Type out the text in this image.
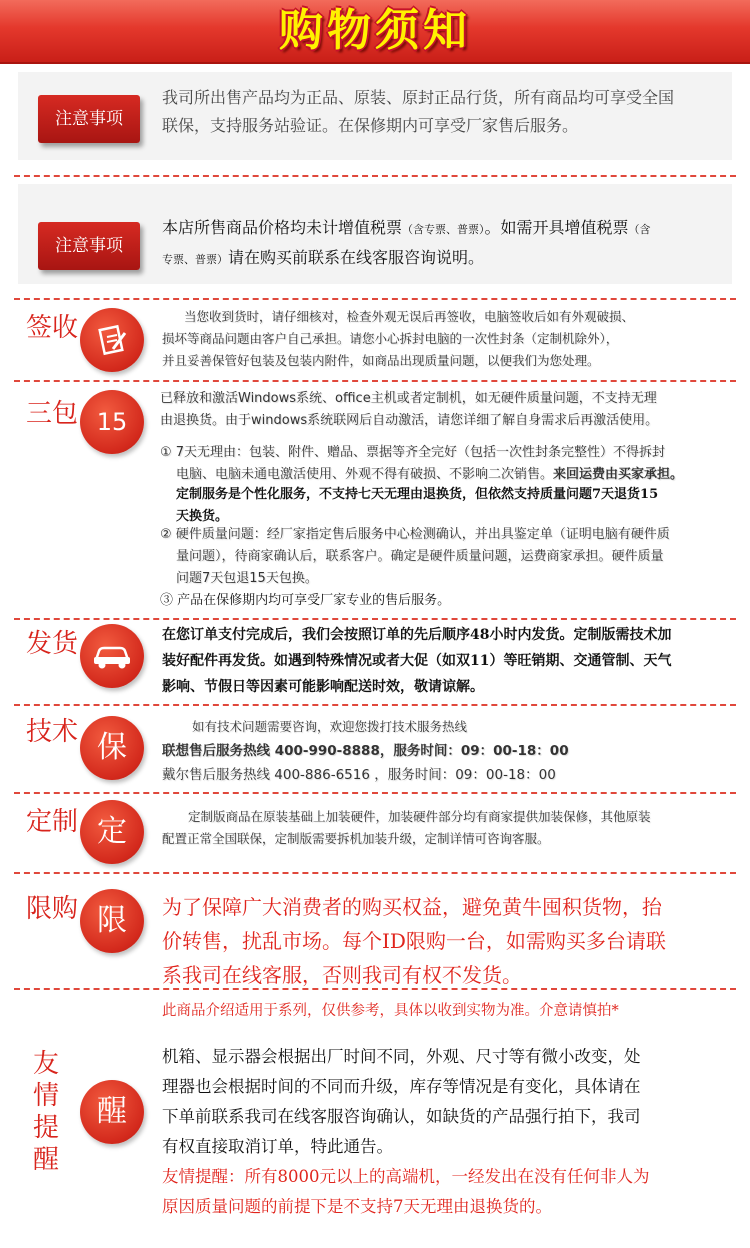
购物须知
注意事项
我司所出售产品均为正品、原装、原封正品行货，所有商品均可享受全国
联保，支持服务站验证。在保修期内可享受厂家售后服务。
注意事项
本店所售商品价格均未计增值税票（含专票、普票）。如需开具增值税票（含
专票、普票）请在购买前联系在线客服咨询说明。
签收	当您收到货时，请仔细核对，检查外观无误后再签收，电脑签收后如有外观破损、
损坏等商品问题由客户自己承担。请您小心拆封电脑的一次性封条（定制机除外），
并且妥善保管好包装及包装内附件，如商品出现质量问题，以便我们为您处理。
三包 15
已释放和激活Windows系统、office主机或者定制机，如无硬件质量问题，不支持无理
由退换货。由于windows系统联网后自动激活，请您详细了解自身需求后再激活使用。
① 7天无理由：包装、附件、赠品、票据等齐全完好（包括一次性封条完整性）不得拆封
电脑、电脑未通电激活使用、外观不得有破损、不影响二次销售。来回运费由买家承担。
定制服务是个性化服务，不支持七天无理由退换货，但依然支持质量问题7天退货15
天换货。
② 硬件质量问题：经厂家指定售后服务中心检测确认，并出具鉴定单（证明电脑有硬件质
量问题），待商家确认后，联系客户。确定是硬件质量问题，运费商家承担。硬件质量
问题7天包退15天包换。
③ 产品在保修期内均可享受厂家专业的售后服务。
发货	在您订单支付完成后，我们会按照订单的先后顺序48小时内发货。定制版需技术加
装好配件再发货。如遇到特殊情况或者大促（如双11）等旺销期、交通管制、天气
影响、节假日等因素可能影响配送时效，敬请谅解。
技术 保
如有技术问题需要咨询，欢迎您拨打技术服务热线
联想售后服务热线 400-990-8888，服务时间：09：00-18：00
戴尔售后服务热线 400-886-6516 ，服务时间：09：00-18：00
定制 定	定制版商品在原装基础上加装硬件，加装硬件部分均有商家提供加装保修，其他原装
配置正常全国联保，定制版需要拆机加装升级，定制详情可咨询客服。
限购 限 为了保障广大消费者的购买权益，避免黄牛囤积货物，抬
价转售，扰乱市场。每个ID限购一台，如需购买多台请联
系我司在线客服，否则我司有权不发货。
友情提醒
醒
此商品介绍适用于系列，仅供参考，具体以收到实物为准。介意请慎拍*
机箱、显示器会根据出厂时间不同，外观、尺寸等有微小改变，处
理器也会根据时间的不同而升级，库存等情况是有变化，具体请在
下单前联系我司在线客服咨询确认，如缺货的产品强行拍下，我司
有权直接取消订单，特此通告。
友情提醒：所有8000元以上的高端机，一经发出在没有任何非人为
原因质量问题的前提下是不支持7天无理由退换货的。
